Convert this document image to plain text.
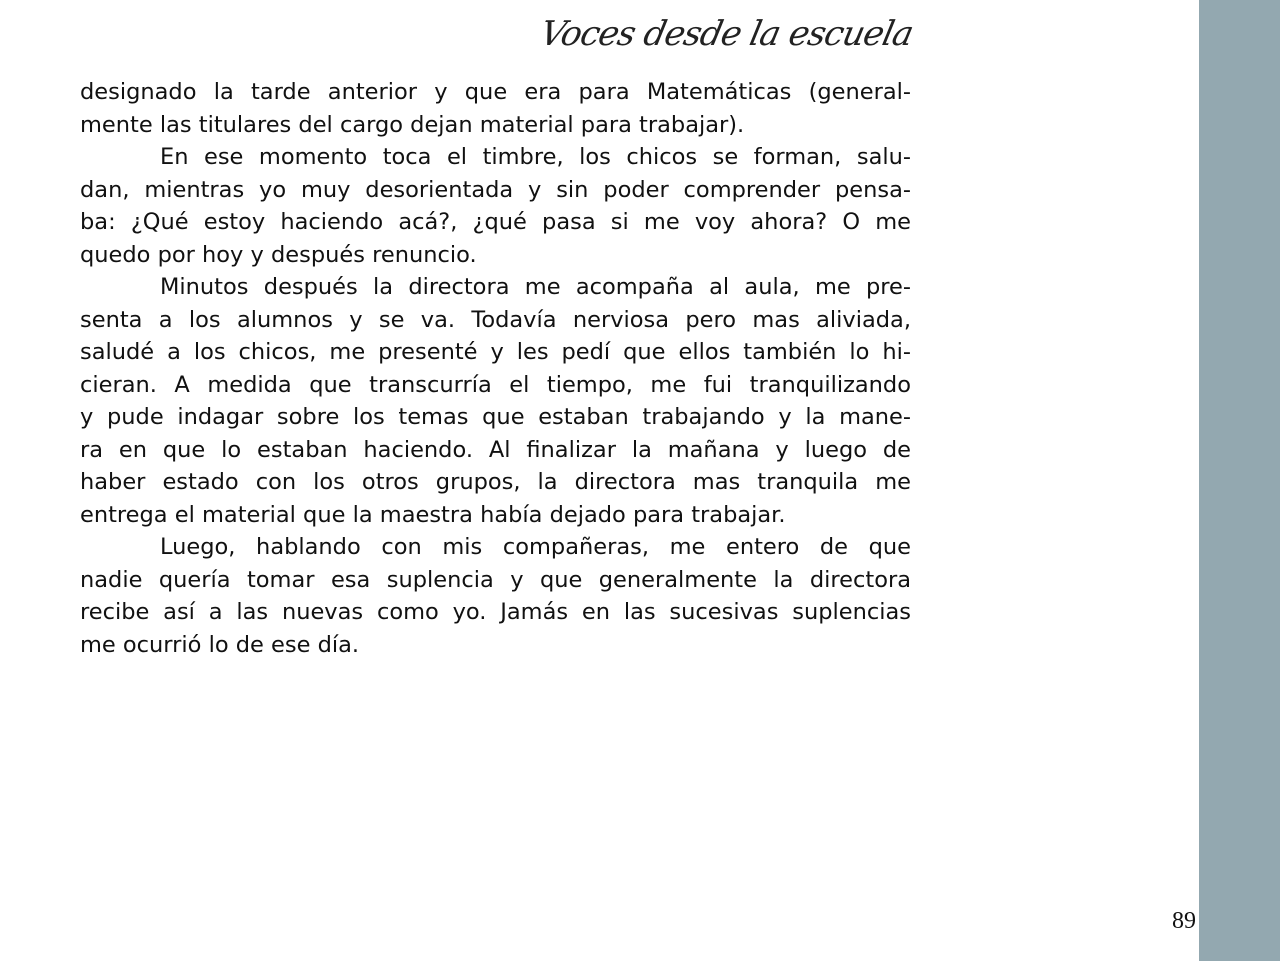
Voces desde la escuela
designado la tarde anterior y que era para Matemáticas (general-
mente las titulares del cargo dejan material para trabajar).
En ese momento toca el timbre, los chicos se forman, salu-
dan, mientras yo muy desorientada y sin poder comprender pensa-
ba: ¿Qué estoy haciendo acá?, ¿qué pasa si me voy ahora? O me
quedo por hoy y después renuncio.
Minutos después la directora me acompaña al aula, me pre-
senta a los alumnos y se va. Todavía nerviosa pero mas aliviada,
saludé a los chicos, me presenté y les pedí que ellos también lo hi-
cieran. A medida que transcurría el tiempo, me fui tranquilizando
y pude indagar sobre los temas que estaban trabajando y la mane-
ra en que lo estaban haciendo. Al finalizar la mañana y luego de
haber estado con los otros grupos, la directora mas tranquila me
entrega el material que la maestra había dejado para trabajar.
Luego, hablando con mis compañeras, me entero de que
nadie quería tomar esa suplencia y que generalmente la directora
recibe así a las nuevas como yo. Jamás en las sucesivas suplencias
me ocurrió lo de ese día.
89
